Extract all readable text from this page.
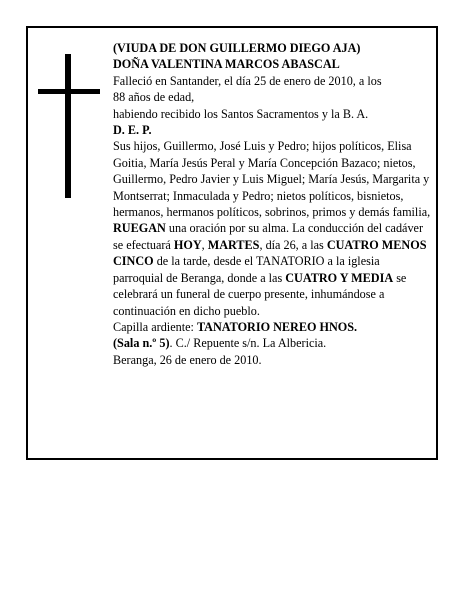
(VIUDA DE DON GUILLERMO DIEGO AJA)

DOÑA VALENTINA MARCOS ABASCAL

Falleció en Santander, el día 25 de enero de 2010, a los

88 años de edad,

habiendo recibido los Santos Sacramentos y la B. A.

D. E. P.

Sus hijos, Guillermo, José Luis y Pedro; hijos políticos, Elisa Goitia, María Jesús Peral y María Concepción Bazaco; nietos, Guillermo, Pedro Javier y Luis Miguel; María Jesús, Margarita y Montserrat; Inmaculada y Pedro; nietos políticos, bisnietos, hermanos, hermanos políticos, sobrinos, primos y demás familia,

RUEGAN una oración por su alma. La conducción del cadáver se efectuará HOY, MARTES, día 26, a las CUATRO MENOS CINCO de la tarde, desde el TANATORIO a la iglesia parroquial de Beranga, donde a las CUATRO Y MEDIA se celebrará un funeral de cuerpo presente, inhumándose a continuación en dicho pueblo.

Capilla ardiente: TANATORIO NEREO HNOS.
(Sala n.º 5). C./ Repuente s/n. La Albericia.

Beranga, 26 de enero de 2010.
